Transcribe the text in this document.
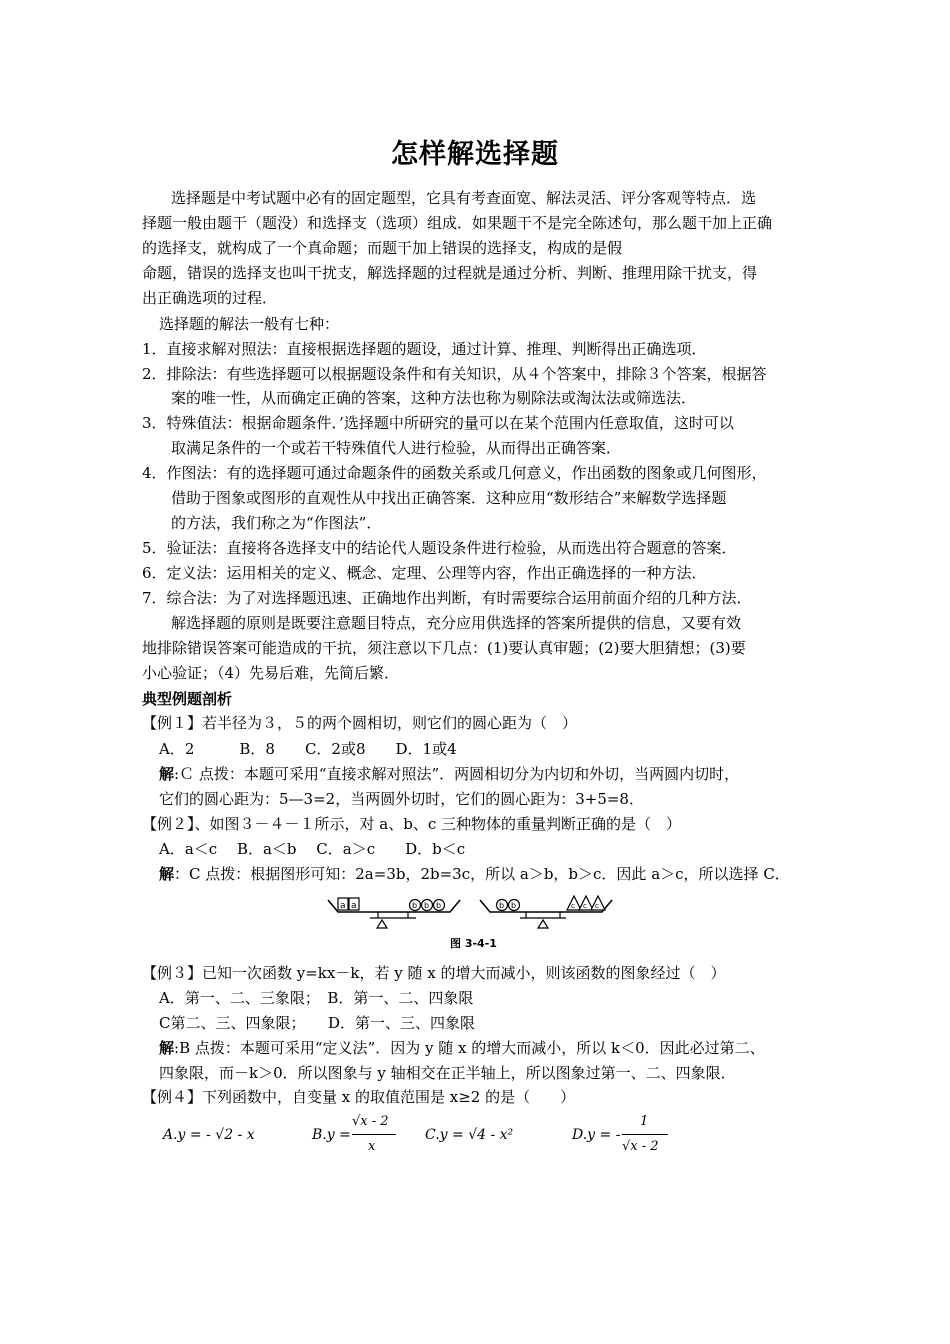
怎样解选择题
选择题是中考试题中必有的固定题型，它具有考查面宽、解法灵活、评分客观等特点．选
择题一般由题干（题没）和选择支（选项）组成．如果题干不是完全陈述句，那么题干加上正确
的选择支，就构成了一个真命题；而题干加上错误的选择支，构成的是假
命题，错误的选择支也叫干扰支，解选择题的过程就是通过分析、判断、推理用除干扰支，得
出正确选项的过程．
选择题的解法一般有七种：
1．直接求解对照法：直接根据选择题的题设，通过计算、推理、判断得出正确选项．
2．排除法：有些选择题可以根据题设条件和有关知识，从４个答案中，排除３个答案，根据答
案的唯一性，从而确定正确的答案，这种方法也称为剔除法或淘汰法或筛选法．
3．特殊值法：根据命题条件．’选择题中所研究的量可以在某个范围内任意取值，这时可以
取满足条件的一个或若干特殊值代人进行检验，从而得出正确答案．
4．作图法：有的选择题可通过命题条件的函数关系或几何意义，作出函数的图象或几何图形，
借助于图象或图形的直观性从中找出正确答案．这种应用“数形结合”来解数学选择题
的方法，我们称之为“作图法”．
5．验证法：直接将各选择支中的结论代人题设条件进行检验，从而选出符合题意的答案．
6．定义法：运用相关的定义、概念、定理、公理等内容，作出正确选择的一种方法．
7．综合法：为了对选择题迅速、正确地作出判断，有时需要综合运用前面介绍的几种方法．
解选择题的原则是既要注意题目特点，充分应用供选择的答案所提供的信息，又要有效
地排除错误答案可能造成的干抗，须注意以下几点：(1)要认真审题；(2)要大胆猜想；(3)要
小心验证；（4）先易后难，先简后繁．
典型例题剖析
【例１】若半径为３，５的两个圆相切，则它们的圆心距为（　）
A．2　　　B．8　　C．2或8　　D．1或4
解:Ｃ 点拨：本题可采用“直接求解对照法”．两圆相切分为内切和外切，当两圆内切时，
它们的圆心距为：5—3=2，当两圆外切时，它们的圆心距为：3+5=8．
【例２】、如图３－４－１所示，对 a、b、c 三种物体的重量判断正确的是（　）
A．a＜c　 B．a＜b　 C．a＞c　　D．b＜c
解：C 点拨：根据图形可知：2a=3b，2b=3c，所以 a＞b，b＞c．因此 a＞c，所以选择 C．
a a	b b b	b b	c c c
图 3-4-1
【例３】已知一次函数 y=kx－k，若 y 随 x 的增大而减小，则该函数的图象经过（　）
A．第一、二、三象限；　B．第一、二、四象限
C第二、三、四象限；　　D．第一、三、四象限
解:B 点拨：本题可采用“定义法”．因为 y 随 x 的增大而减小，所以 k＜0．因此必过第二、
四象限，而－k＞0．所以图象与 y 轴相交在正半轴上，所以图象过第一、二、四象限．
【例４】下列函数中，自变量 x 的取值范围是 x≥2 的是（　　）
A.y = - √2 - x	B.y =
√x - 2
x
C.y = √4 - x²	D.y = -
1
√x - 2
